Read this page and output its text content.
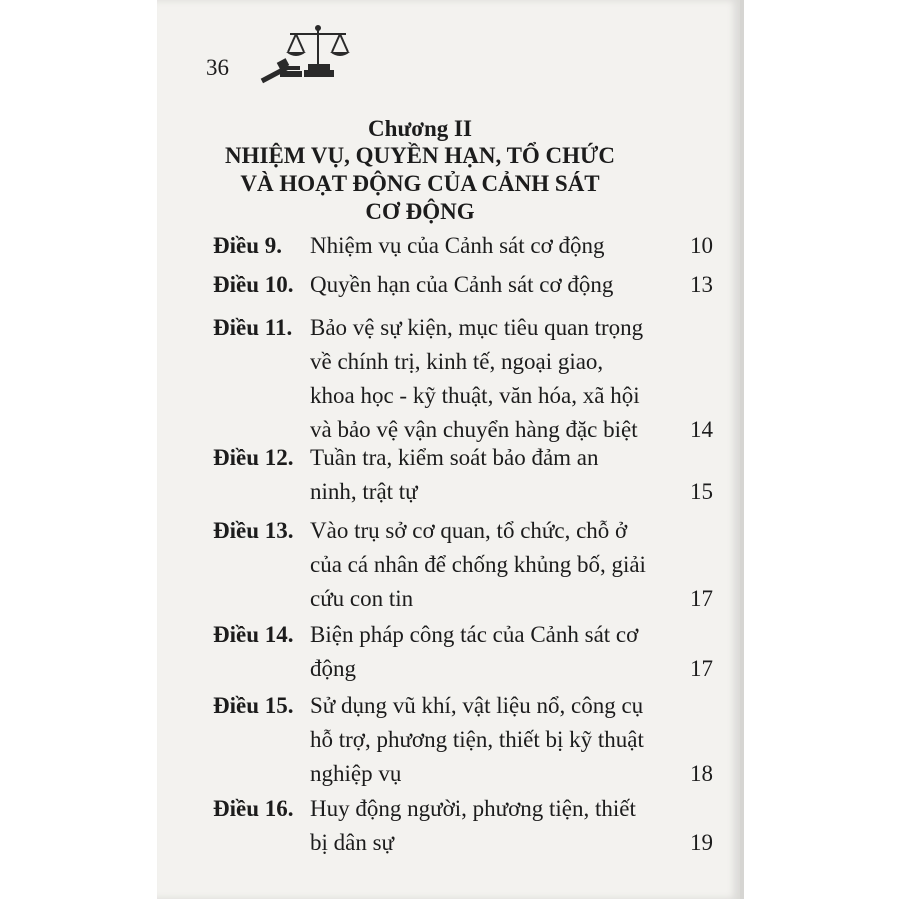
36
Chương II
NHIỆM VỤ, QUYỀN HẠN, TỔ CHỨC
VÀ HOẠT ĐỘNG CỦA CẢNH SÁT
CƠ ĐỘNG
Điều 9. Nhiệm vụ của Cảnh sát cơ động	10
Điều 10. Quyền hạn của Cảnh sát cơ động	13
Điều 11. Bảo vệ sự kiện, mục tiêu quan trọng
về chính trị, kinh tế, ngoại giao,
khoa học - kỹ thuật, văn hóa, xã hội
và bảo vệ vận chuyển hàng đặc biệt	14
Điều 12. Tuần tra, kiểm soát bảo đảm an
ninh, trật tự	15
Điều 13. Vào trụ sở cơ quan, tổ chức, chỗ ở
của cá nhân để chống khủng bố, giải
cứu con tin	17
Điều 14. Biện pháp công tác của Cảnh sát cơ
động	17
Điều 15. Sử dụng vũ khí, vật liệu nổ, công cụ
hỗ trợ, phương tiện, thiết bị kỹ thuật
nghiệp vụ	18
Điều 16. Huy động người, phương tiện, thiết
bị dân sự	19
